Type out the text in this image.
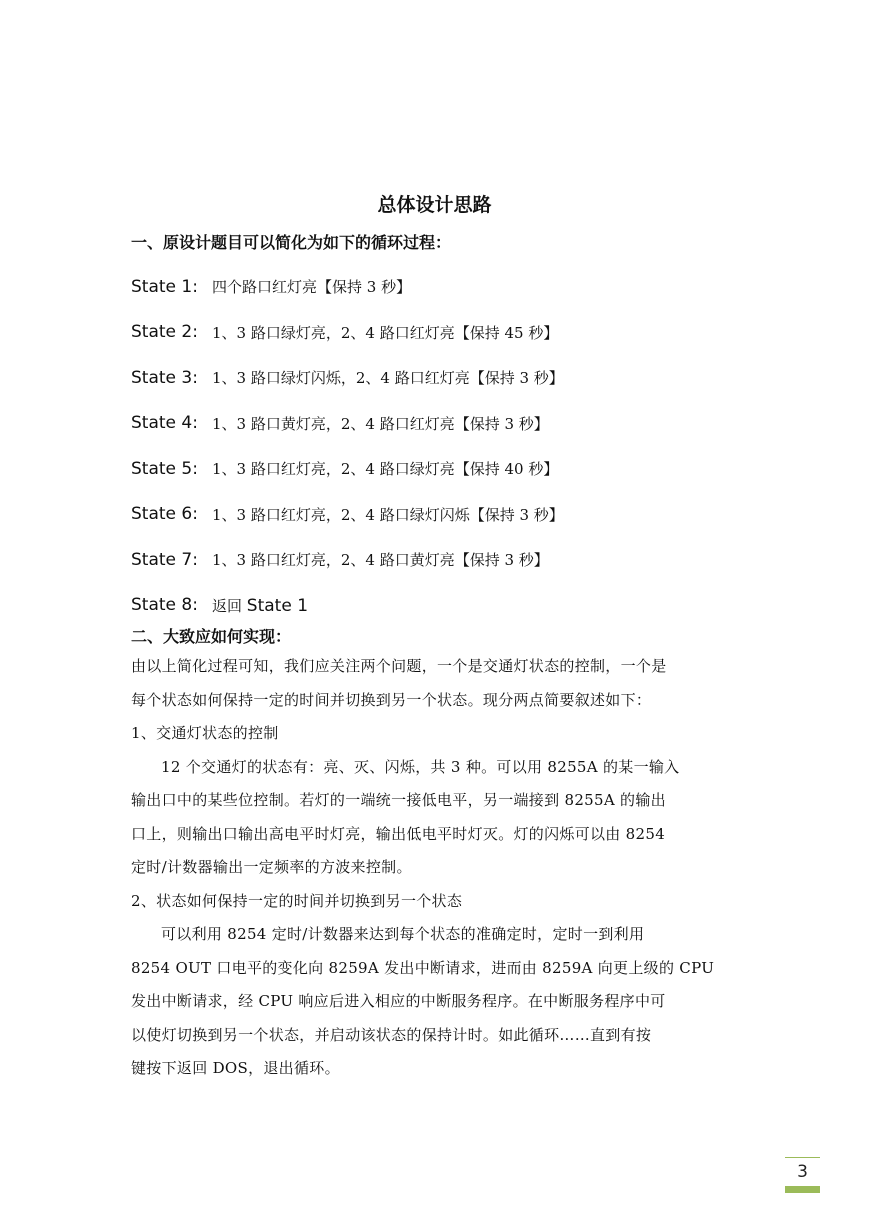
总体设计思路
一、原设计题目可以简化为如下的循环过程：
State 1: 四个路口红灯亮【保持 3 秒】
State 2: 1、3 路口绿灯亮，2、4 路口红灯亮【保持 45 秒】
State 3: 1、3 路口绿灯闪烁，2、4 路口红灯亮【保持 3 秒】
State 4: 1、3 路口黄灯亮，2、4 路口红灯亮【保持 3 秒】
State 5: 1、3 路口红灯亮，2、4 路口绿灯亮【保持 40 秒】
State 6: 1、3 路口红灯亮，2、4 路口绿灯闪烁【保持 3 秒】
State 7: 1、3 路口红灯亮，2、4 路口黄灯亮【保持 3 秒】
State 8: 返回 State 1
二、大致应如何实现：

由以上简化过程可知，我们应关注两个问题，一个是交通灯状态的控制，一个是

每个状态如何保持一定的时间并切换到另一个状态。现分两点简要叙述如下：

1、交通灯状态的控制

12 个交通灯的状态有：亮、灭、闪烁，共 3 种。可以用 8255A 的某一输入

输出口中的某些位控制。若灯的一端统一接低电平，另一端接到 8255A 的输出

口上，则输出口输出高电平时灯亮，输出低电平时灯灭。灯的闪烁可以由 8254

定时/计数器输出一定频率的方波来控制。

2、状态如何保持一定的时间并切换到另一个状态

可以利用 8254 定时/计数器来达到每个状态的准确定时，定时一到利用

8254 OUT 口电平的变化向 8259A 发出中断请求，进而由 8259A 向更上级的 CPU

发出中断请求，经 CPU 响应后进入相应的中断服务程序。在中断服务程序中可

以使灯切换到另一个状态，并启动该状态的保持计时。如此循环……直到有按

键按下返回 DOS，退出循环。

3
